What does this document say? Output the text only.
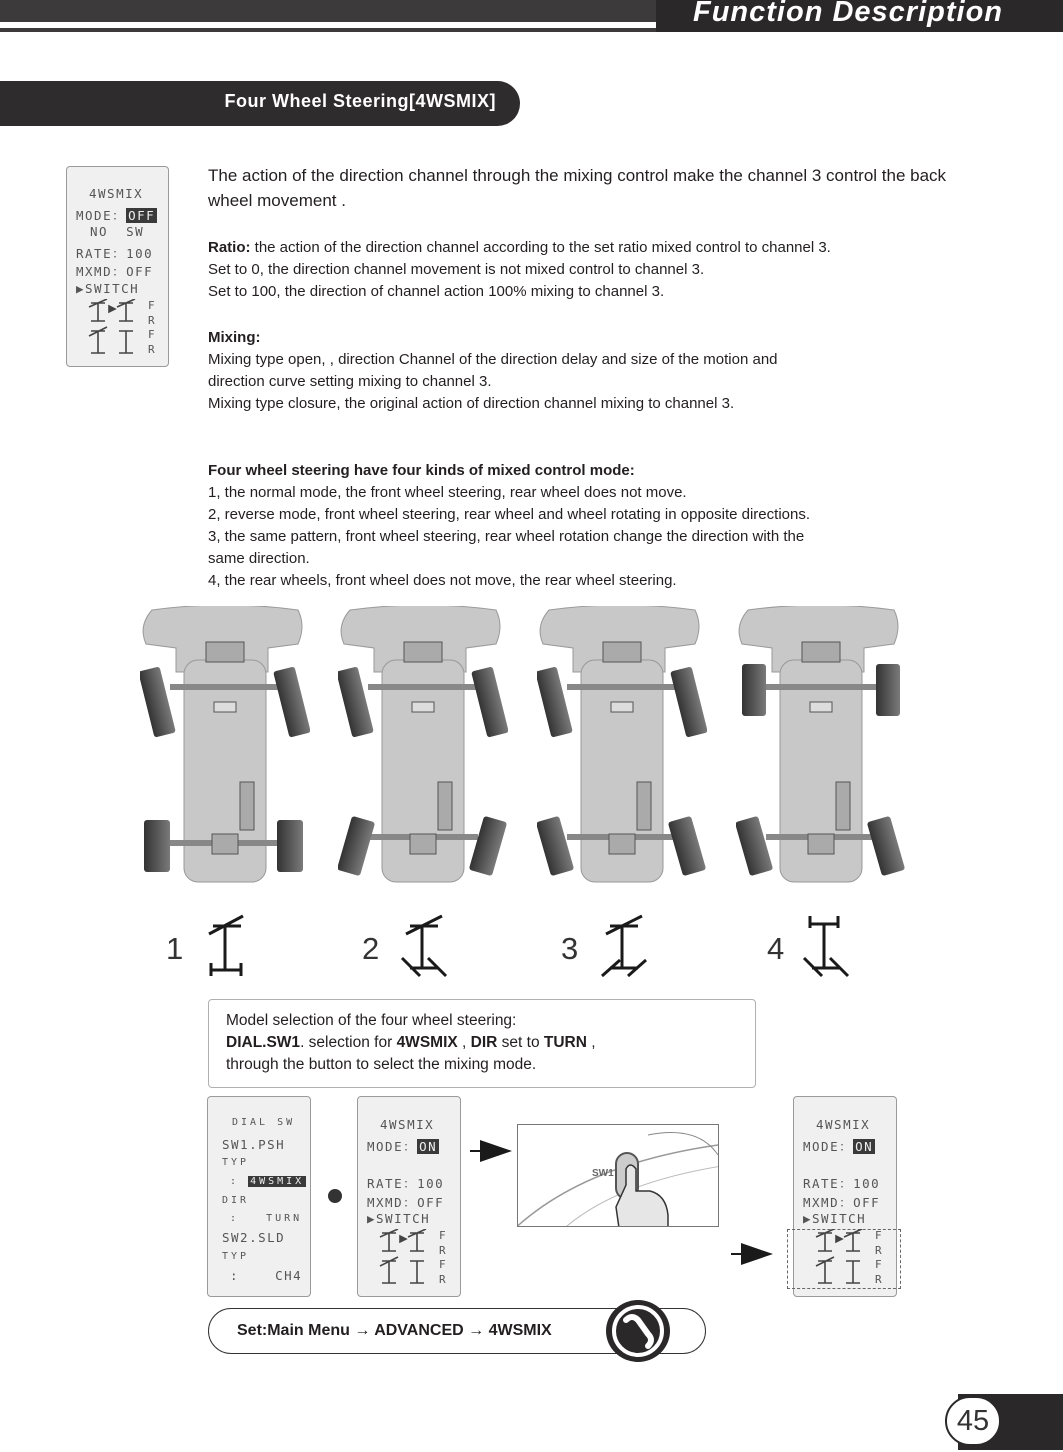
Function Description
Four Wheel Steering[4WSMIX]
4WSMIX
MODE： OFF
NO  SW
RATE：100
MXMD：OFF
▶SWITCH
F
R
F
R
The action of the direction channel through the mixing control make the channel 3 control the back wheel movement .
Ratio: the action of the direction channel according to the set ratio mixed control to channel 3.
Set to 0, the direction channel movement is not mixed control to channel 3.
Set to 100, the direction of channel action 100% mixing to channel 3.
Mixing:
Mixing type open, , direction Channel of the direction delay and size of the motion and
direction curve setting mixing to channel 3.
Mixing type closure, the original action of direction channel mixing to channel 3.
Four wheel steering have four kinds of mixed control mode:
1, the normal mode, the front wheel steering, rear wheel does not move.
2, reverse mode, front wheel steering, rear wheel and wheel rotating in opposite directions.
3, the same pattern, front wheel steering, rear wheel rotation change the direction with the
same direction.
4, the rear wheels, front wheel does not move, the rear wheel steering.
1	2	3	4
Model selection of the four wheel steering:
DIAL.SW1. selection for 4WSMIX , DIR set to TURN ,
through the button to select the mixing mode.
DIAL SW
SW1.PSH
TYP
: 4WSMIX
DIR
:   TURN
SW2.SLD
TYP
:    CH4
4WSMIX
MODE： ON
RATE：100
MXMD：OFF
▶SWITCH
F
R
F
R
SW1
4WSMIX
MODE： ON
RATE：100
MXMD：OFF
▶SWITCH
F
R
F
R
Set:Main Menu → ADVANCED → 4WSMIX
45
